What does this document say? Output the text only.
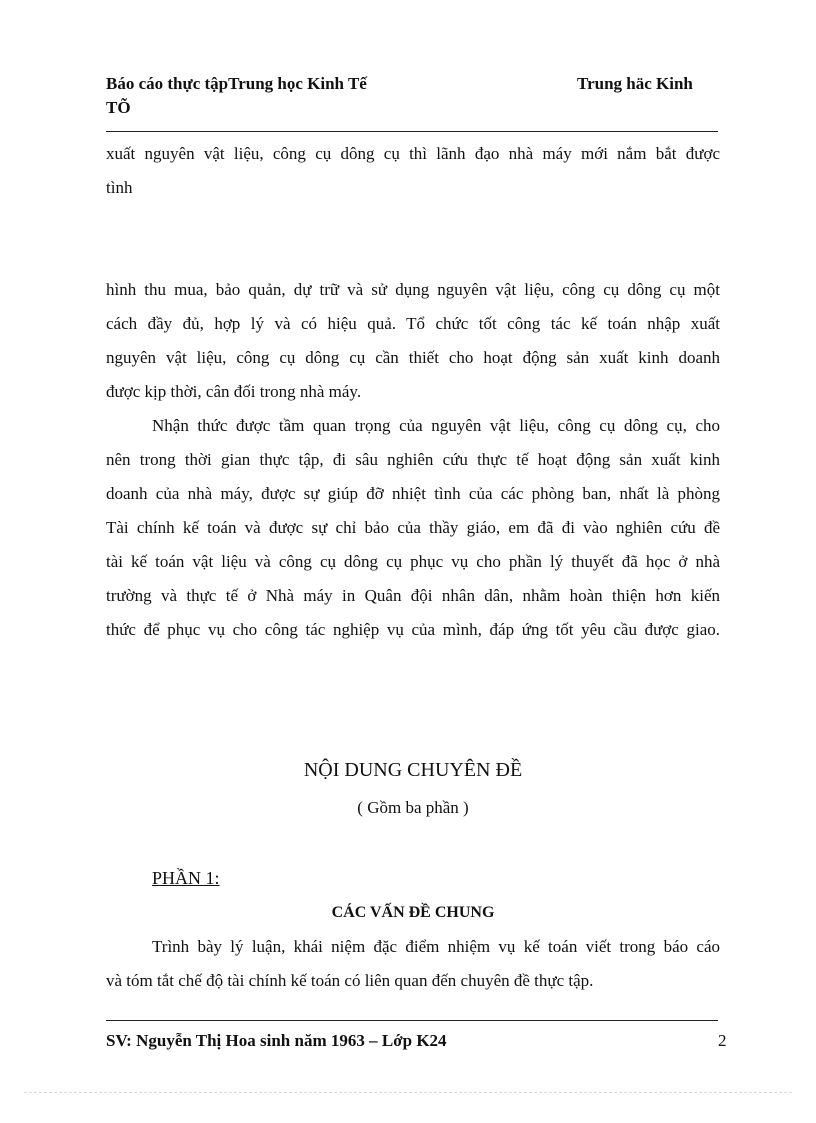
Báo cáo thực tậpTrung học Kinh Tế	Trung häc Kinh
TÕ
xuất nguyên vật liệu, công cụ dông cụ thì lãnh đạo nhà máy mới nắm bắt được
tình
hình thu mua, bảo quản, dự trữ và sử dụng nguyên vật liệu, công cụ dông cụ một
cách đầy đủ, hợp lý và có hiệu quả. Tổ chức tốt công tác kế toán nhập xuất
nguyên vật liệu, công cụ dông cụ cần thiết cho hoạt động sản xuất kinh doanh
được kịp thời, cân đối trong nhà máy.
Nhận thức được tầm quan trọng của nguyên vật liệu, công cụ dông cụ, cho
nên trong thời gian thực tập, đi sâu nghiên cứu thực tế hoạt động sản xuất kinh
doanh của nhà máy, được sự giúp đỡ nhiệt tình của các phòng ban, nhất là phòng
Tài chính kế toán và được sự chỉ bảo của thầy giáo, em đã đi vào nghiên cứu đề
tài kế toán vật liệu và công cụ dông cụ phục vụ cho phần lý thuyết đã học ở nhà
trường và thực tế ở Nhà máy in Quân đội nhân dân, nhằm hoàn thiện hơn kiến
thức để phục vụ cho công tác nghiệp vụ của mình, đáp ứng tốt yêu cầu được giao.
NỘI DUNG CHUYÊN ĐỀ
( Gồm ba phần )
PHẦN 1:
CÁC VẤN ĐỀ CHUNG
Trình bày lý luận, khái niệm đặc điểm nhiệm vụ kế toán viết trong báo cáo
và tóm tắt chế độ tài chính kế toán có liên quan đến chuyên đề thực tập.
SV: Nguyễn Thị Hoa sinh năm 1963 – Lớp K24	2
